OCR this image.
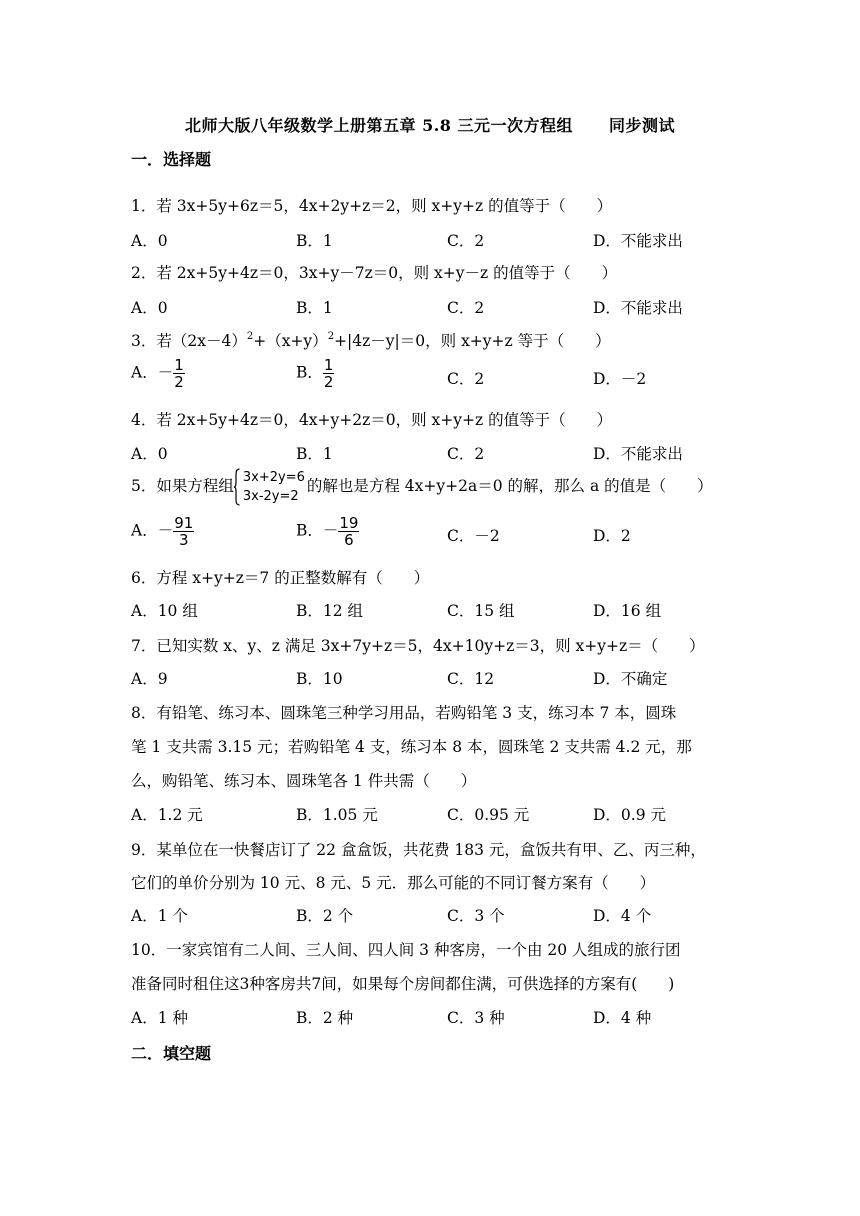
北师大版八年级数学上册第五章 5.8 三元一次方程组 同步测试
一．选择题
1．若 3x+5y+6z＝5，4x+2y+z＝2，则 x+y+z 的值等于（　　）
A．0	B．1	C．2	D．不能求出
2．若 2x+5y+4z＝0，3x+y－7z＝0，则 x+y－z 的值等于（　　）
A．0	B．1	C．2	D．不能求出
3．若$(2x-4)^2+(x+y)^2+|4z-y|=0$，则 x+y+z 等于（　　）
A．－ $\frac{1}{2}$	B． $\frac{1}{2}$	C．2	D．－2
4．若 2x+5y+4z＝0，4x+y+2z＝0，则 x+y+z 的值等于（　　）
A．0	B．1	C．2	D．不能求出
5．如果方程组 3x+2y=6
3x-2y=2
的解也是方程 4x+y+2a＝0 的解，那么 a 的值是（　　）
A．－ $\frac{91}{3}$	B．－ $\frac{19}{6}$	C．－2	D．2
6．方程 x+y+z＝7 的正整数解有（　　）
A．10 组	B．12 组	C．15 组	D．16 组
7．已知实数 x、y、z 满足 3x+7y+z＝5，4x+10y+z＝3，则 x+y+z＝（　　）
A．9	B．10	C．12	D．不确定
8．有铅笔、练习本、圆珠笔三种学习用品，若购铅笔 3 支，练习本 7 本，圆珠
笔 1 支共需 3.15 元；若购铅笔 4 支，练习本 8 本，圆珠笔 2 支共需 4.2 元，那
么，购铅笔、练习本、圆珠笔各 1 件共需（　　）
A．1.2 元	B．1.05 元	C．0.95 元	D．0.9 元
9．某单位在一快餐店订了 22 盒盒饭，共花费 183 元，盒饭共有甲、乙、丙三种，
它们的单价分别为 10 元、8 元、5 元．那么可能的不同订餐方案有（　　）
A．1 个	B．2 个	C．3 个	D．4 个
10．一家宾馆有二人间、三人间、四人间 3 种客房，一个由 20 人组成的旅行团
准备同时租住这3种客房共7间，如果每个房间都住满，可供选择的方案有(　　)
A．1 种	B．2 种	C．3 种	D．4 种
二．填空题
